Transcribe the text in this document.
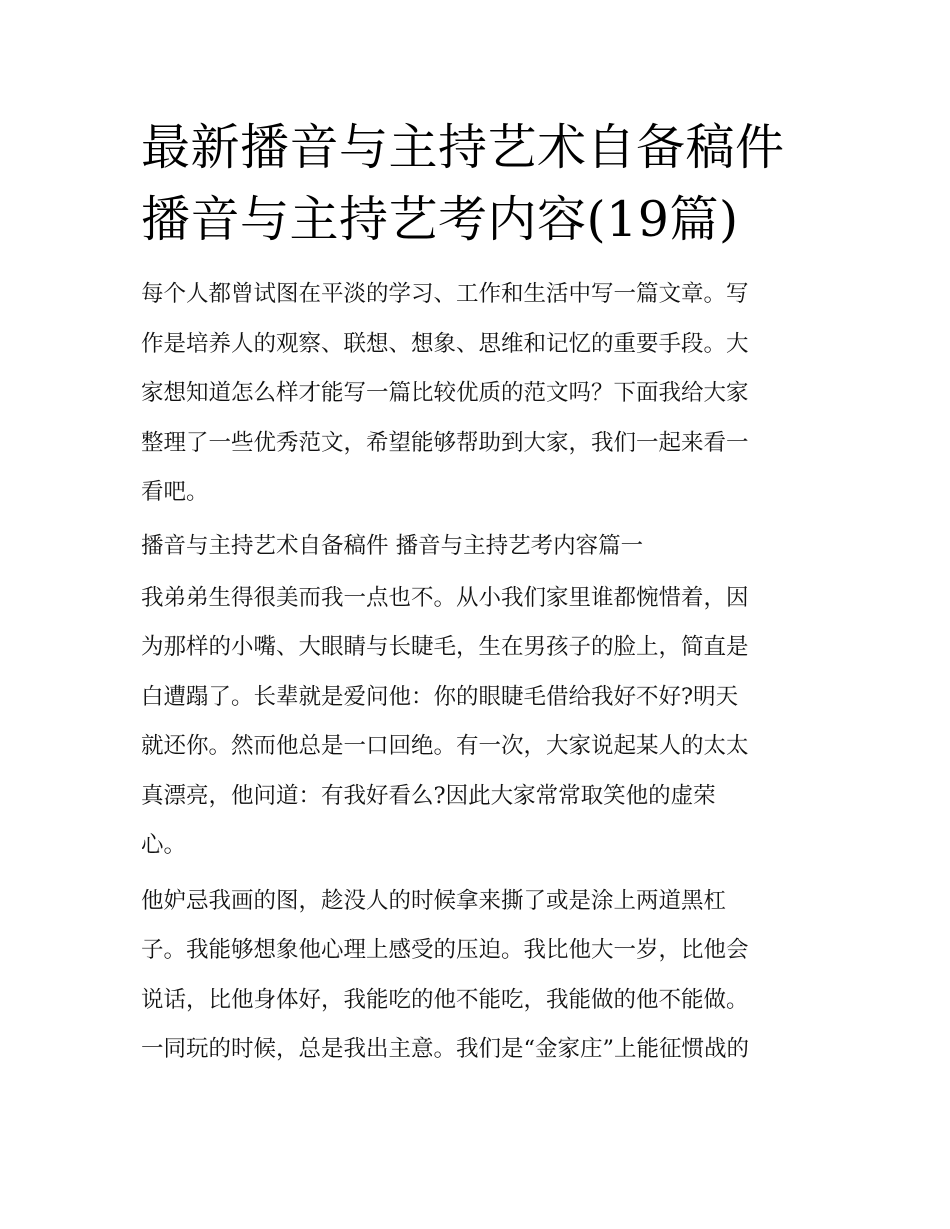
最新播音与主持艺术自备稿件
播音与主持艺考内容(19篇)

每个人都曾试图在平淡的学习、工作和生活中写一篇文章。写
作是培养人的观察、联想、想象、思维和记忆的重要手段。大
家想知道怎么样才能写一篇比较优质的范文吗？下面我给大家
整理了一些优秀范文，希望能够帮助到大家，我们一起来看一
看吧。

播音与主持艺术自备稿件 播音与主持艺考内容篇一

我弟弟生得很美而我一点也不。从小我们家里谁都惋惜着，因
为那样的小嘴、大眼睛与长睫毛，生在男孩子的脸上，简直是
白遭蹋了。长辈就是爱问他：你的眼睫毛借给我好不好?明天
就还你。然而他总是一口回绝。有一次，大家说起某人的太太
真漂亮，他问道：有我好看么?因此大家常常取笑他的虚荣
心。

他妒忌我画的图，趁没人的时候拿来撕了或是涂上两道黑杠
子。我能够想象他心理上感受的压迫。我比他大一岁，比他会
说话，比他身体好，我能吃的他不能吃，我能做的他不能做。
一同玩的时候，总是我出主意。我们是“金家庄”上能征惯战的
